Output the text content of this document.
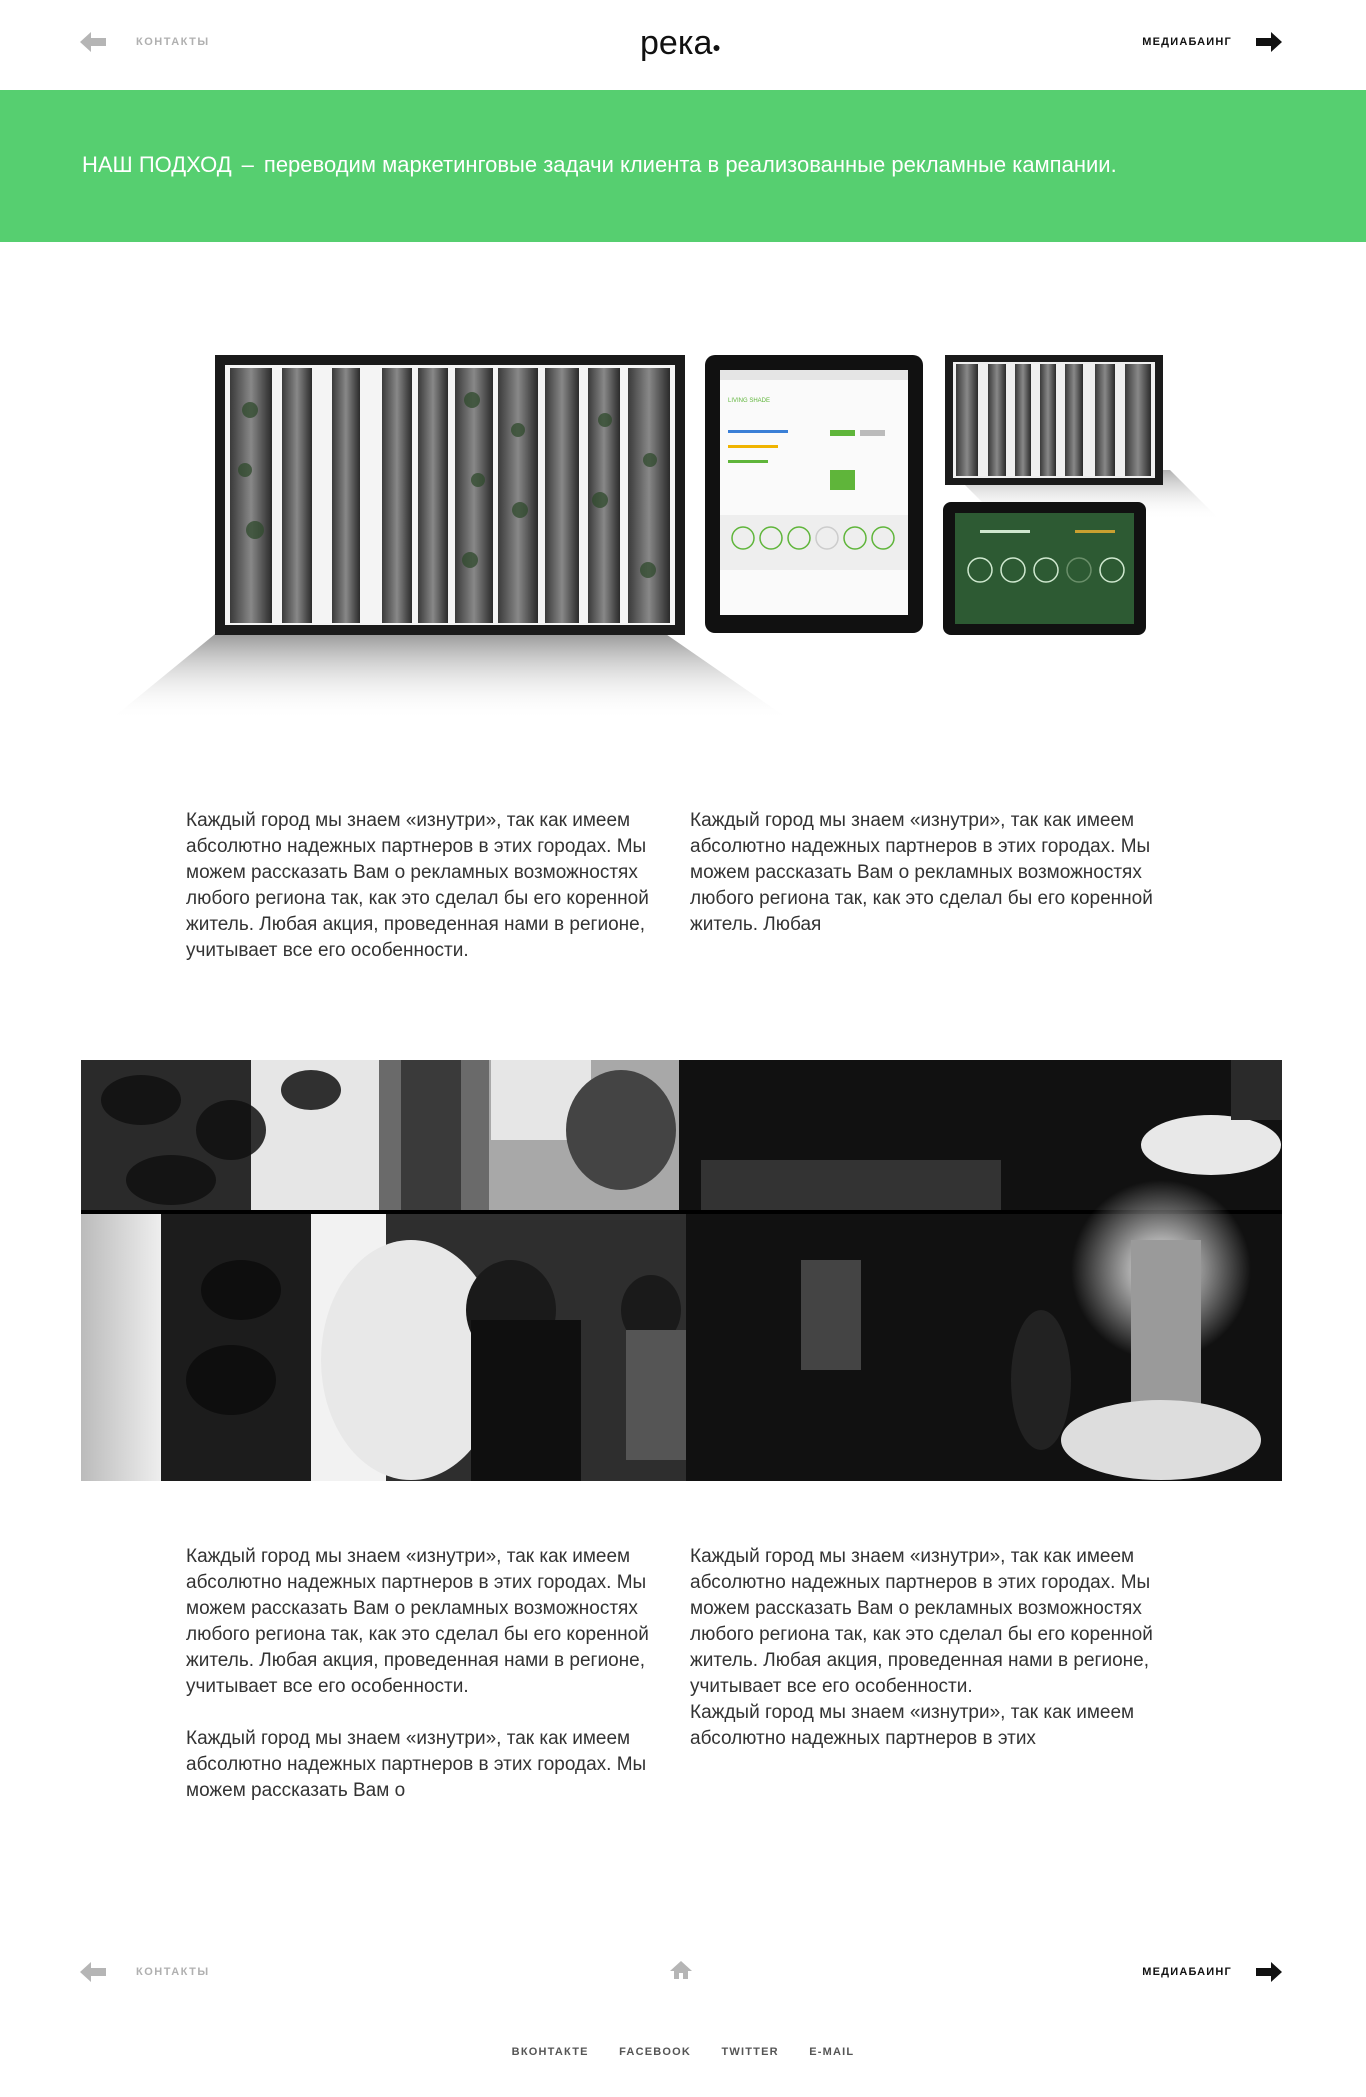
КОНТАКТЫ	река●	МЕДИАБАИНГ
НАШ ПОДХОД – переводим маркетинговые задачи клиента в реализованные рекламные кампании.
LIVING SHADE

Каждый город мы знаем «изнутри», так как имеем абсолютно надежных партнеров в этих городах. Мы можем рассказать Вам о рекламных возможностях любого региона так, как это сделал бы его коренной житель. Любая акция, проведенная нами в регионе, учитывает все его особенности.

Каждый город мы знаем «изнутри», так как имеем абсолютно надежных партнеров в этих городах. Мы можем рассказать Вам о рекламных возможностях любого региона так, как это сделал бы его коренной житель. Любая

Каждый город мы знаем «изнутри», так как имеем абсолютно надежных партнеров в этих городах. Мы можем рассказать Вам о рекламных возможностях любого региона так, как это сделал бы его коренной житель. Любая акция, проведенная нами в регионе, учитывает все его особенности.

Каждый город мы знаем «изнутри», так как имеем абсолютно надежных партнеров в этих городах. Мы можем рассказать Вам о

Каждый город мы знаем «изнутри», так как имеем абсолютно надежных партнеров в этих городах. Мы можем рассказать Вам о рекламных возможностях любого региона так, как это сделал бы его коренной житель. Любая акция, проведенная нами в регионе, учитывает все его особенности.

Каждый город мы знаем «изнутри», так как имеем абсолютно надежных партнеров в этих

КОНТАКТЫ	МЕДИАБАИНГ
ВКОНТАКТЕ	FACEBOOK	TWITTER	E-MAIL
